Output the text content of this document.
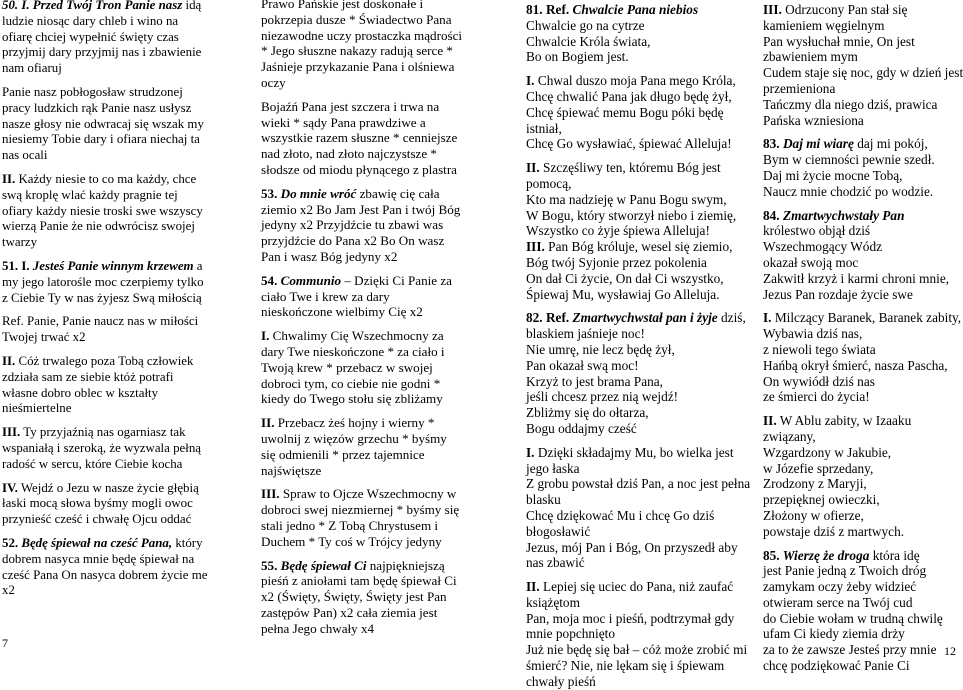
50. I. Przed Twój Tron Panie nasz idą
ludzie niosąc dary chleb i wino na
ofiarę chciej wypełnić święty czas
przyjmij dary przyjmij nas i zbawienie
nam ofiaruj
Panie nasz pobłogosław strudzonej
pracy ludzkich rąk Panie nasz usłysz
nasze głosy nie odwracaj się wszak my
niesiemy Tobie dary i ofiara niechaj ta
nas ocali
II. Każdy niesie to co ma każdy, chce
swą kroplę wlać każdy pragnie tej
ofiary każdy niesie troski swe wszyscy
wierzą Panie że nie odwrócisz swojej
twarzy
51. I. Jesteś Panie winnym krzewem a
my jego latorośle moc czerpiemy tylko
z Ciebie Ty w nas żyjesz Swą miłością
Ref. Panie, Panie naucz nas w miłości
Twojej trwać x2
II. Cóż trwalego poza Tobą człowiek
zdziała sam ze siebie któż potrafi
własne dobro oblec w kształty
nieśmiertelne
III. Ty przyjaźnią nas ogarniasz tak
wspaniałą i szeroką, że wyzwala pełną
radość w sercu, które Ciebie kocha
IV. Wejdź o Jezu w nasze życie głębią
łaski mocą słowa byśmy mogli owoc
przynieść cześć i chwałę Ojcu oddać
52. Będę śpiewał na cześć Pana, który
dobrem nasyca mnie będę śpiewał na
cześć Pana On nasyca dobrem życie me
x2
Prawo Pańskie jest doskonałe i
pokrzepia dusze * Świadectwo Pana
niezawodne uczy prostaczka mądrości
* Jego słuszne nakazy radują serce *
Jaśnieje przykazanie Pana i olśniewa
oczy
Bojaźń Pana jest szczera i trwa na
wieki * sądy Pana prawdziwe a
wszystkie razem słuszne * cenniejsze
nad złoto, nad złoto najczystsze *
słodsze od miodu płynącego z plastra
53. Do mnie wróć zbawię cię cała
ziemio x2 Bo Jam Jest Pan i twój Bóg
jedyny x2 Przyjdźcie tu zbawi was
przyjdźcie do Pana x2 Bo On wasz
Pan i wasz Bóg jedyny x2
54. Communio – Dzięki Ci Panie za
ciało Twe i krew za dary
nieskończone wielbimy Cię x2
I. Chwalimy Cię Wszechmocny za
dary Twe nieskończone * za ciało i
Twoją krew * przebacz w swojej
dobroci tym, co ciebie nie godni *
kiedy do Twego stołu się zbliżamy
II. Przebacz żeś hojny i wierny *
uwolnij z więzów grzechu * byśmy
się odmienili * przez tajemnice
najświętsze
III. Spraw to Ojcze Wszechmocny w
dobroci swej niezmiernej * byśmy się
stali jedno * Z Tobą Chrystusem i
Duchem * Ty coś w Trójcy jedyny
55. Będę śpiewał Ci najpiękniejszą
pieśń z aniołami tam będę śpiewał Ci
x2 (Święty, Święty, Święty jest Pan
zastępów Pan) x2 cała ziemia jest
pełna Jego chwały x4
81. Ref. Chwalcie Pana niebios
Chwalcie go na cytrze
Chwalcie Króla świata,
Bo on Bogiem jest.
I. Chwal duszo moja Pana mego Króla,
Chcę chwalić Pana jak długo będę żył,
Chcę śpiewać memu Bogu póki będę
istniał,
Chcę Go wysławiać, śpiewać Alleluja!
II. Szczęśliwy ten, któremu Bóg jest
pomocą,
Kto ma nadzieję w Panu Bogu swym,
W Bogu, który stworzył niebo i ziemię,
Wszystko co żyje śpiewa Alleluja!
III. Pan Bóg króluje, wesel się ziemio,
Bóg twój Syjonie przez pokolenia
On dał Ci życie, On dał Ci wszystko,
Śpiewaj Mu, wysławiaj Go Alleluja.
82. Ref. Zmartwychwstał pan i żyje dziś,
blaskiem jaśnieje noc!
Nie umrę, nie lecz będę żył,
Pan okazał swą moc!
Krzyż to jest brama Pana,
jeśli chcesz przez nią wejdź!
Zbliżmy się do ołtarza,
Bogu oddajmy cześć
I. Dzięki składajmy Mu, bo wielka jest
jego łaska
Z grobu powstał dziś Pan, a noc jest pełna
blasku
Chcę dziękować Mu i chcę Go dziś
błogosławić
Jezus, mój Pan i Bóg, On przyszedł aby
nas zbawić
II. Lepiej się uciec do Pana, niż zaufać
książętom
Pan, moja moc i pieśń, podtrzymał gdy
mnie popchnięto
Już nie będę się bał – cóż może zrobić mi
śmierć? Nie, nie lękam się i śpiewam
chwały pieśń
III. Odrzucony Pan stał się
kamieniem węgielnym
Pan wysłuchał mnie, On jest
zbawieniem mym
Cudem staje się noc, gdy w dzień jest
przemieniona
Tańczmy dla niego dziś, prawica
Pańska wzniesiona
83. Daj mi wiarę daj mi pokój,
Bym w ciemności pewnie szedł.
Daj mi życie mocne Tobą,
Naucz mnie chodzić po wodzie.
84. Zmartwychwstały Pan
królestwo objął dziś
Wszechmogący Wódz
okazał swoją moc
Zakwitł krzyż i karmi chroni mnie,
Jezus Pan rozdaje życie swe
I. Milczący Baranek, Baranek zabity,
Wybawia dziś nas,
z niewoli tego świata
Hańbą okrył śmierć, nasza Pascha,
On wywiódł dziś nas
ze śmierci do życia!
II. W Ablu zabity, w Izaaku
związany,
Wzgardzony w Jakubie,
w Józefie sprzedany,
Zrodzony z Maryji,
przepięknej owieczki,
Złożony w ofierze,
powstaje dziś z martwych.
85. Wierzę że droga która idę
jest Panie jedną z Twoich dróg
zamykam oczy żeby widzieć
otwieram serce na Twój cud
do Ciebie wołam w trudną chwilę
ufam Ci kiedy ziemia drży
za to że zawsze Jesteś przy mnie
chcę podziękować Panie Ci
7
12
